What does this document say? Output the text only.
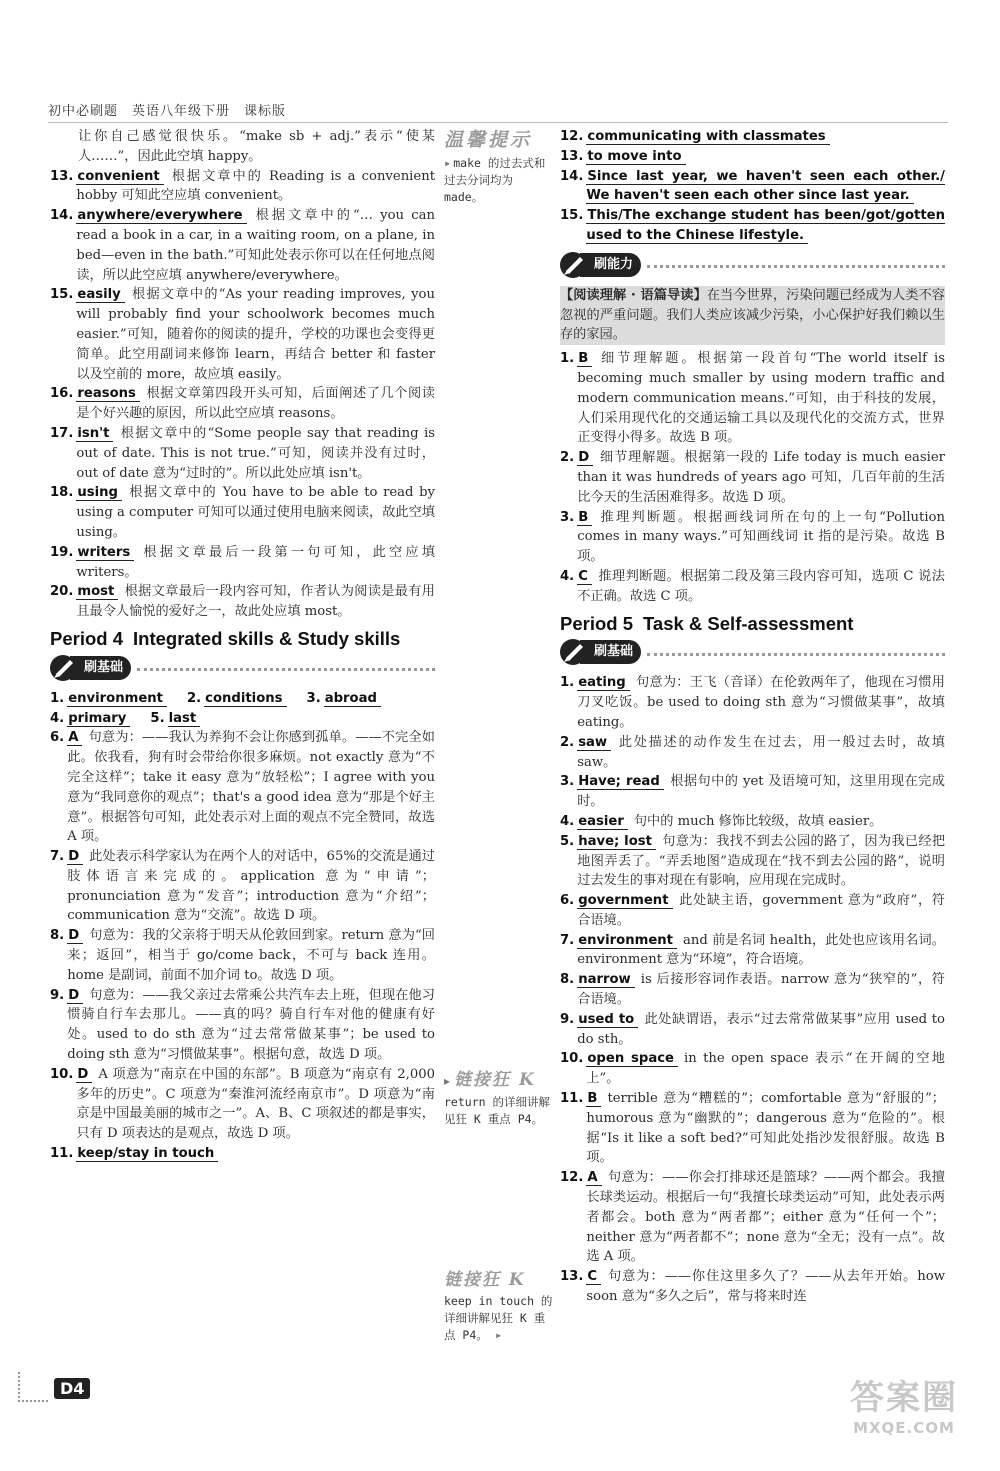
初中必刷题　英语八年级下册　课标版
让你自己感觉很快乐。“make sb + adj.”表示“使某人……”，因此此空填 happy。
13. convenient 根据文章中的 Reading is a convenient hobby 可知此空应填 convenient。
14. anywhere/everywhere 根据文章中的“… you can read a book in a car, in a waiting room, on a plane, in bed—even in the bath.”可知此处表示你可以在任何地点阅读，所以此空应填 anywhere/everywhere。
15. easily 根据文章中的“As your reading improves, you will probably find your schoolwork becomes much easier.”可知，随着你的阅读的提升，学校的功课也会变得更简单。此空用副词来修饰 learn，再结合 better 和 faster 以及空前的 more，故应填 easily。
16. reasons 根据文章第四段开头可知，后面阐述了几个阅读是个好兴趣的原因，所以此空应填 reasons。
17. isn't 根据文章中的“Some people say that reading is out of date. This is not true.”可知，阅读并没有过时，out of date 意为“过时的”。所以此处应填 isn't。
18. using 根据文章中的 You have to be able to read by using a computer 可知可以通过使用电脑来阅读，故此空填 using。
19. writers 根据文章最后一段第一句可知，此空应填 writers。
20. most 根据文章最后一段内容可知，作者认为阅读是最有用且最令人愉悦的爱好之一，故此处应填 most。
Period 4 Integrated skills & Study skills
刷基础
1. environment	2. conditions	3. abroad
4. primary	5. last
6. A 句意为：——我认为养狗不会让你感到孤单。——不完全如此。依我看，狗有时会带给你很多麻烦。not exactly 意为“不完全这样”；take it easy 意为“放轻松”；I agree with you 意为“我同意你的观点”；that's a good idea 意为“那是个好主意”。根据答句可知，此处表示对上面的观点不完全赞同，故选 A 项。
7. D 此处表示科学家认为在两个人的对话中，65%的交流是通过肢体语言来完成的。application 意为“申请”；pronunciation 意为“发音”；introduction 意为“介绍”；communication 意为“交流”。故选 D 项。
8. D 句意为：我的父亲将于明天从伦敦回到家。return 意为“回来；返回”，相当于 go/come back，不可与 back 连用。home 是副词，前面不加介词 to。故选 D 项。
9. D 句意为：——我父亲过去常乘公共汽车去上班，但现在他习惯骑自行车去那儿。——真的吗？骑自行车对他的健康有好处。used to do sth 意为“过去常常做某事”；be used to doing sth 意为“习惯做某事”。根据句意，故选 D 项。
10. D A 项意为“南京在中国的东部”。B 项意为“南京有 2,000 多年的历史”。C 项意为“秦淮河流经南京市”。D 项意为“南京是中国最美丽的城市之一”。A、B、C 项叙述的都是事实，只有 D 项表达的是观点，故选 D 项。
11. keep/stay in touch
温馨提示
▸ make 的过去式和过去分词均为 made。
▸ 链接狂 K
return 的详细讲解见狂 K 重点 P4。
链接狂 K
keep in touch 的详细讲解见狂 K 重点 P4。 ▸
12. communicating with classmates
13. to move into
14. Since last year, we haven't seen each other./ We haven't seen each other since last year.
15. This/The exchange student has been/got/gotten used to the Chinese lifestyle.
刷能力
【阅读理解 · 语篇导读】在当今世界，污染问题已经成为人类不容忽视的严重问题。我们人类应该减少污染，小心保护好我们赖以生存的家园。
1. B 细节理解题。根据第一段首句“The world itself is becoming much smaller by using modern traffic and modern communication means.”可知，由于科技的发展，人们采用现代化的交通运输工具以及现代化的交流方式，世界正变得小得多。故选 B 项。
2. D 细节理解题。根据第一段的 Life today is much easier than it was hundreds of years ago 可知，几百年前的生活比今天的生活困难得多。故选 D 项。
3. B 推理判断题。根据画线词所在句的上一句“Pollution comes in many ways.”可知画线词 it 指的是污染。故选 B 项。
4. C 推理判断题。根据第二段及第三段内容可知，选项 C 说法不正确。故选 C 项。
Period 5 Task & Self-assessment
刷基础
1. eating 句意为：王飞（音译）在伦敦两年了，他现在习惯用刀叉吃饭。be used to doing sth 意为“习惯做某事”，故填 eating。
2. saw 此处描述的动作发生在过去，用一般过去时，故填 saw。
3. Have; read 根据句中的 yet 及语境可知，这里用现在完成时。
4. easier 句中的 much 修饰比较级，故填 easier。
5. have; lost 句意为：我找不到去公园的路了，因为我已经把地图弄丢了。“弄丢地图”造成现在“找不到去公园的路”，说明过去发生的事对现在有影响，应用现在完成时。
6. government 此处缺主语，government 意为“政府”，符合语境。
7. environment and 前是名词 health，此处也应该用名词。environment 意为“环境”，符合语境。
8. narrow is 后接形容词作表语。narrow 意为“狭窄的”，符合语境。
9. used to 此处缺谓语，表示“过去常常做某事”应用 used to do sth。
10. open space in the open space 表示“在开阔的空地上”。
11. B terrible 意为“糟糕的”；comfortable 意为“舒服的”；humorous 意为“幽默的”；dangerous 意为“危险的”。根据“Is it like a soft bed?”可知此处指沙发很舒服。故选 B 项。
12. A 句意为：——你会打排球还是篮球？——两个都会。我擅长球类运动。根据后一句“我擅长球类运动”可知，此处表示两者都会。both 意为“两者都”；either 意为“任何一个”；neither 意为“两者都不”；none 意为“全无；没有一点”。故选 A 项。
13. C 句意为：——你住这里多久了？——从去年开始。how soon 意为“多久之后”，常与将来时连
D4	答案圈
MXQE.COM
